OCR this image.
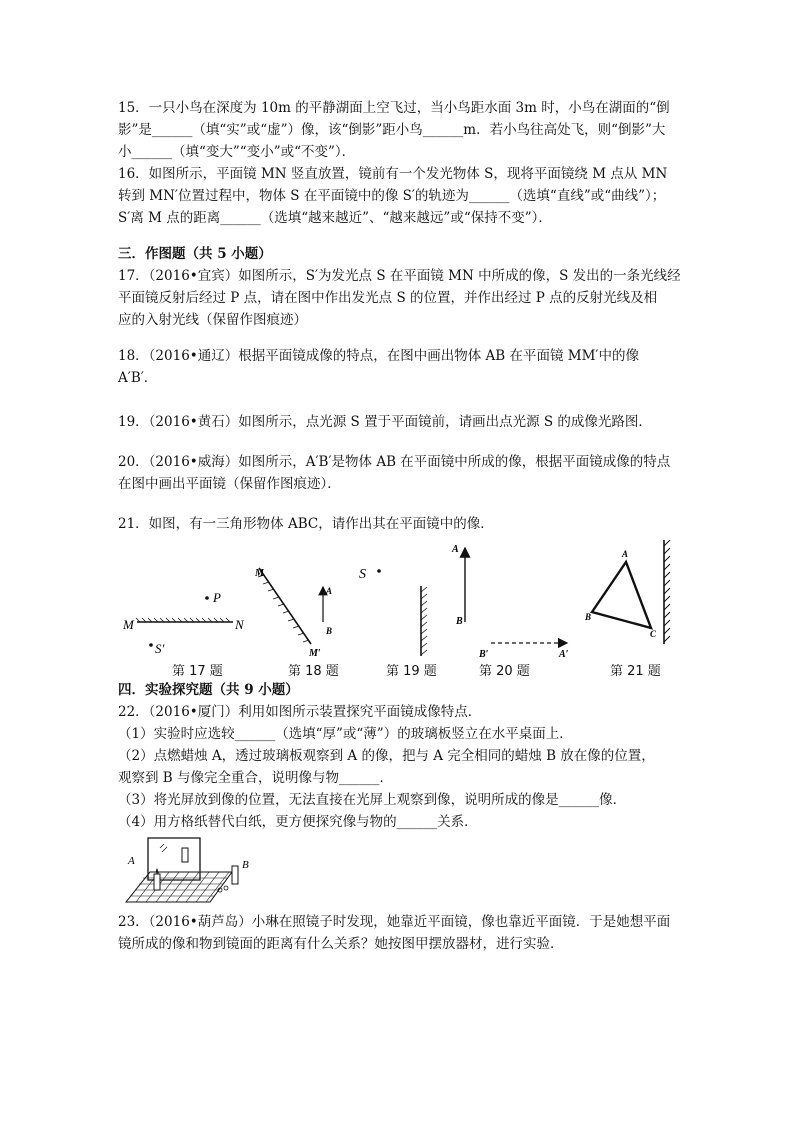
15．一只小鸟在深度为 10m 的平静湖面上空飞过，当小鸟距水面 3m 时，小鸟在湖面的“倒
影”是______（填“实”或“虚”）像，该“倒影”距小鸟______m．若小鸟往高处飞，则“倒影”大
小______（填“变大”“变小”或“不变”）．
16．如图所示，平面镜 MN 竖直放置，镜前有一个发光物体 S，现将平面镜绕 M 点从 MN
转到 MN′位置过程中，物体 S 在平面镜中的像 S′的轨迹为______（选填“直线”或“曲线”）；
S′离 M 点的距离______（选填“越来越近”、“越来越远”或“保持不变”）．
三．作图题（共 5 小题）
17．（2016•宜宾）如图所示，S′为发光点 S 在平面镜 MN 中所成的像，S 发出的一条光线经
平面镜反射后经过 P 点，请在图中作出发光点 S 的位置，并作出经过 P 点的反射光线及相
应的入射光线（保留作图痕迹）
18．（2016•通辽）根据平面镜成像的特点，在图中画出物体 AB 在平面镜 MM′中的像
A′B′．
19．（2016•黄石）如图所示，点光源 S 置于平面镜前，请画出点光源 S 的成像光路图．
20．（2016•威海）如图所示，A′B′是物体 AB 在平面镜中所成的像，根据平面镜成像的特点
在图中画出平面镜（保留作图痕迹）．
21．如图，有一三角形物体 ABC，请作出其在平面镜中的像．
M	N
P
S′
M
M′
A
B
S
A
B
B′	A′
A
B
C
第 17 题	第 18 题	第 19 题	第 20 题	第 21 题
四．实验探究题（共 9 小题）
22．（2016•厦门）利用如图所示装置探究平面镜成像特点．
（1）实验时应选较______（选填“厚”或“薄”）的玻璃板竖立在水平桌面上．
（2）点燃蜡烛 A，透过玻璃板观察到 A 的像，把与 A 完全相同的蜡烛 B 放在像的位置，
观察到 B 与像完全重合，说明像与物______．
（3）将光屏放到像的位置，无法直接在光屏上观察到像，说明所成的像是______像．
（4）用方格纸替代白纸，更方便探究像与物的______关系．
A	B
23．（2016•葫芦岛）小琳在照镜子时发现，她靠近平面镜，像也靠近平面镜．于是她想平面
镜所成的像和物到镜面的距离有什么关系？她按图甲摆放器材，进行实验．
